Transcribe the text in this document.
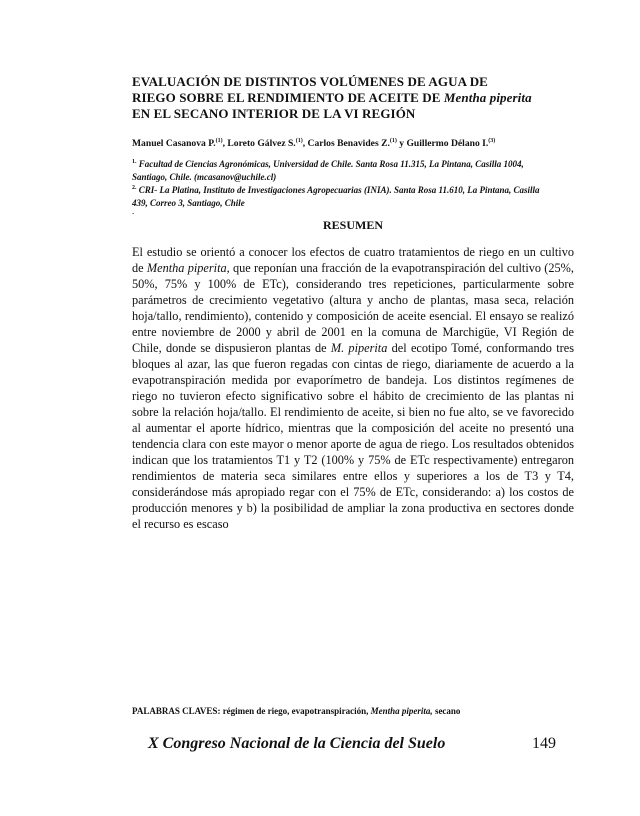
EVALUACIÓN DE DISTINTOS VOLÚMENES DE AGUA DE RIEGO SOBRE EL RENDIMIENTO DE ACEITE DE Mentha piperita EN EL SECANO INTERIOR DE LA VI REGIÓN
Manuel Casanova P.$^{(1)}$, Loreto Gálvez S.$^{(1)}$, Carlos Benavides Z.$^{(1)}$ y Guillermo Délano I.$^{(3)}$
$^{1.}$ Facultad de Ciencias Agronómicas, Universidad de Chile. Santa Rosa 11.315, La Pintana, Casilla 1004, Santiago, Chile. (mcasanov@uchile.cl)
$^{2.}$ CRI- La Platina, Instituto de Investigaciones Agropecuarias (INIA). Santa Rosa 11.610, La Pintana, Casilla 439, Correo 3, Santiago, Chile
.
RESUMEN

El estudio se orientó a conocer los efectos de cuatro tratamientos de riego en un cultivo de Mentha piperita, que reponían una fracción de la evapotranspiración del cultivo (25%, 50%, 75% y 100% de ETc), considerando tres repeticiones, particularmente sobre parámetros de crecimiento vegetativo (altura y ancho de plantas, masa seca, relación hoja/tallo, rendimiento), contenido y composición de aceite esencial. El ensayo se realizó entre noviembre de 2000 y abril de 2001 en la comuna de Marchigüe, VI Región de Chile, donde se dispusieron plantas de M. piperita del ecotipo Tomé, conformando tres bloques al azar, las que fueron regadas con cintas de riego, diariamente de acuerdo a la evapotranspiración medida por evaporímetro de bandeja. Los distintos regímenes de riego no tuvieron efecto significativo sobre el hábito de crecimiento de las plantas ni sobre la relación hoja/tallo. El rendimiento de aceite, si bien no fue alto, se ve favorecido al aumentar el aporte hídrico, mientras que la composición del aceite no presentó una tendencia clara con este mayor o menor aporte de agua de riego. Los resultados obtenidos indican que los tratamientos T1 y T2 (100% y 75% de ETc respectivamente) entregaron rendimientos de materia seca similares entre ellos y superiores a los de T3 y T4, considerándose más apropiado regar con el 75% de ETc, considerando: a) los costos de producción menores y b) la posibilidad de ampliar la zona productiva en sectores donde el recurso es escaso

PALABRAS CLAVES: régimen de riego, evapotranspiración, Mentha piperita, secano
X Congreso Nacional de la Ciencia del Suelo	149
